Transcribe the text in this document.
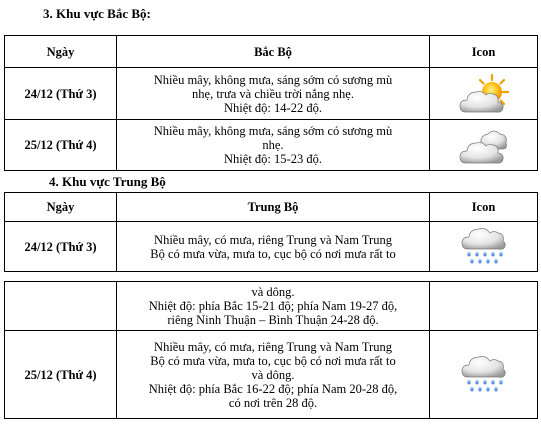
3. Khu vực Bắc Bộ:
Ngày	Bắc Bộ	Icon
24/12 (Thứ 3)	Nhiều mây, không mưa, sáng sớm có sương mù
nhẹ, trưa và chiều trời nắng nhẹ.
Nhiệt độ: 14-22 độ.

25/12 (Thứ 4)	Nhiều mây, không mưa, sáng sớm có sương mù
nhẹ.
Nhiệt độ: 15-23 độ.

4. Khu vực Trung Bộ
Ngày	Trung Bộ	Icon
24/12 (Thứ 3)	Nhiều mây, có mưa, riêng Trung và Nam Trung
Bộ có mưa vừa, mưa to, cục bộ có nơi mưa rất to

	và dông.
Nhiệt độ: phía Bắc 15-21 độ; phía Nam 19-27 độ,
riêng Ninh Thuận – Bình Thuận 24-28 độ.	

25/12 (Thứ 4)	Nhiều mây, có mưa, riêng Trung và Nam Trung
Bộ có mưa vừa, mưa to, cục bộ có nơi mưa rất to
và dông.
Nhiệt độ: phía Bắc 16-22 độ; phía Nam 20-28 độ,
có nơi trên 28 độ.
